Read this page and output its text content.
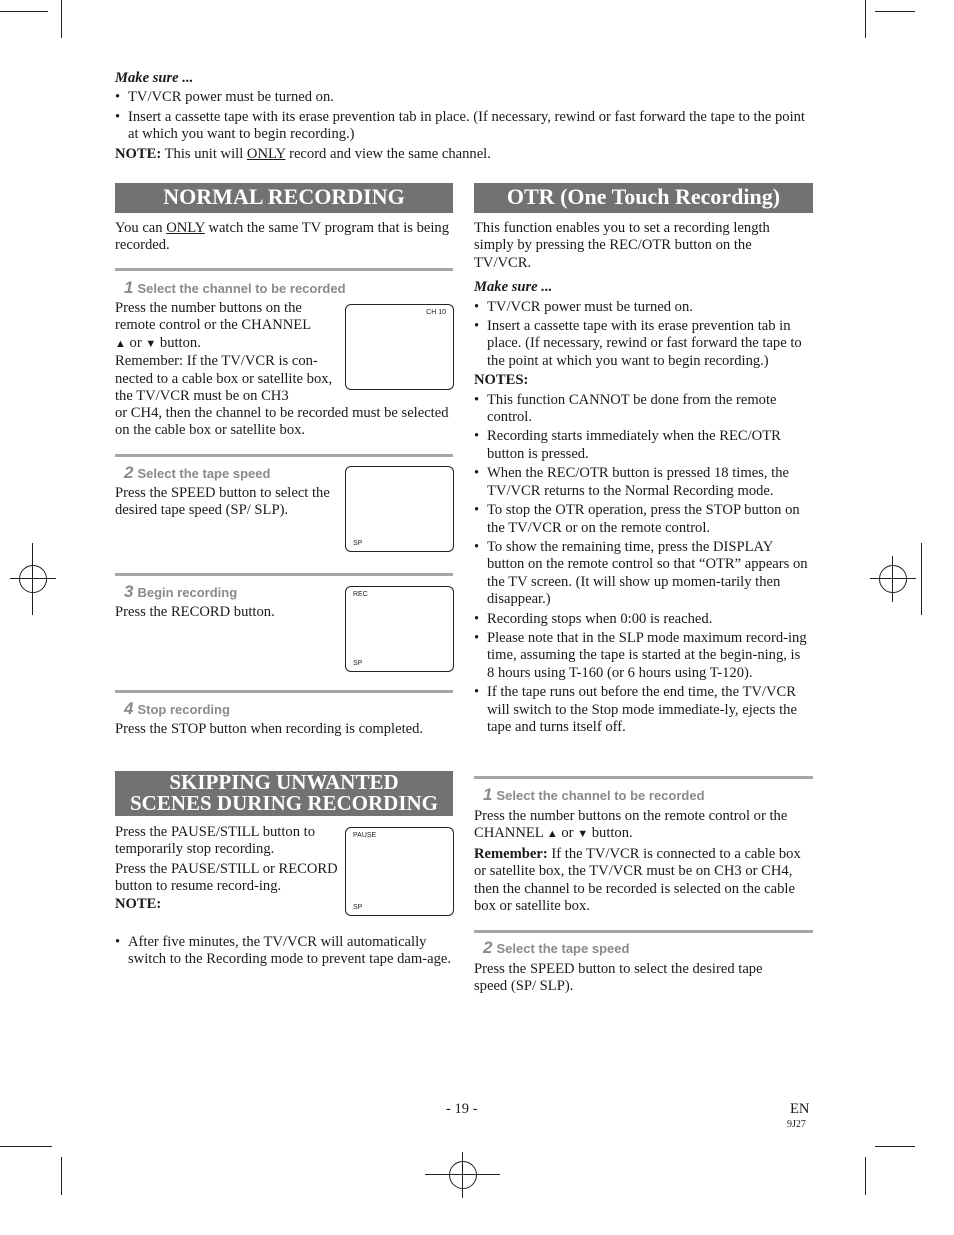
Make sure ...
• TV/VCR power must be turned on.
• Insert a cassette tape with its erase prevention tab in place. (If necessary, rewind or fast forward the tape to the point at which you want to begin recording.)
NOTE: This unit will ONLY record and view the same channel.
NORMAL RECORDING
You can ONLY watch the same TV program that is being recorded.
1 Select the channel to be recorded
Press the number buttons on the remote control or the CHANNEL
▲ or ▼ button.
Remember: If the TV/VCR is con-nected to a cable box or satellite box, the TV/VCR must be on CH3
or CH4, then the channel to be recorded must be selected on the cable box or satellite box.
CH 10
2 Select the tape speed
Press the SPEED button to select the desired tape speed (SP/ SLP).
SP
3 Begin recording
Press the RECORD button.
REC
SP
4 Stop recording
Press the STOP button when recording is completed.
SKIPPING UNWANTED
SCENES DURING RECORDING
Press the PAUSE/STILL button to temporarily stop recording.
Press the PAUSE/STILL or RECORD button to resume record-ing.
NOTE:
• After five minutes, the TV/VCR will automatically switch to the Recording mode to prevent tape dam-age.
PAUSE
SP
OTR (One Touch Recording)
This function enables you to set a recording length simply by pressing the REC/OTR button on the TV/VCR.
Make sure ...
• TV/VCR power must be turned on.
• Insert a cassette tape with its erase prevention tab in place. (If necessary, rewind or fast forward the tape to the point at which you want to begin recording.)
NOTES:
• This function CANNOT be done from the remote control.
• Recording starts immediately when the REC/OTR button is pressed.
• When the REC/OTR button is pressed 18 times, the TV/VCR returns to the Normal Recording mode.
• To stop the OTR operation, press the STOP button on the TV/VCR or on the remote control.
• To show the remaining time, press the DISPLAY button on the remote control so that “OTR” appears on the TV screen. (It will show up momen-tarily then disappear.)
• Recording stops when 0:00 is reached.
• Please note that in the SLP mode maximum record-ing time, assuming the tape is started at the begin-ning, is 8 hours using T-160 (or 6 hours using T-120).
• If the tape runs out before the end time, the TV/VCR will switch to the Stop mode immediate-ly, ejects the tape and turns itself off.
1 Select the channel to be recorded
Press the number buttons on the remote control or the CHANNEL ▲ or ▼ button.
Remember: If the TV/VCR is connected to a cable box or satellite box, the TV/VCR must be on CH3 or CH4, then the channel to be recorded is selected on the cable box or satellite box.
2 Select the tape speed
Press the SPEED button to select the desired tape speed (SP/ SLP).
- 19 -	EN
9J27
